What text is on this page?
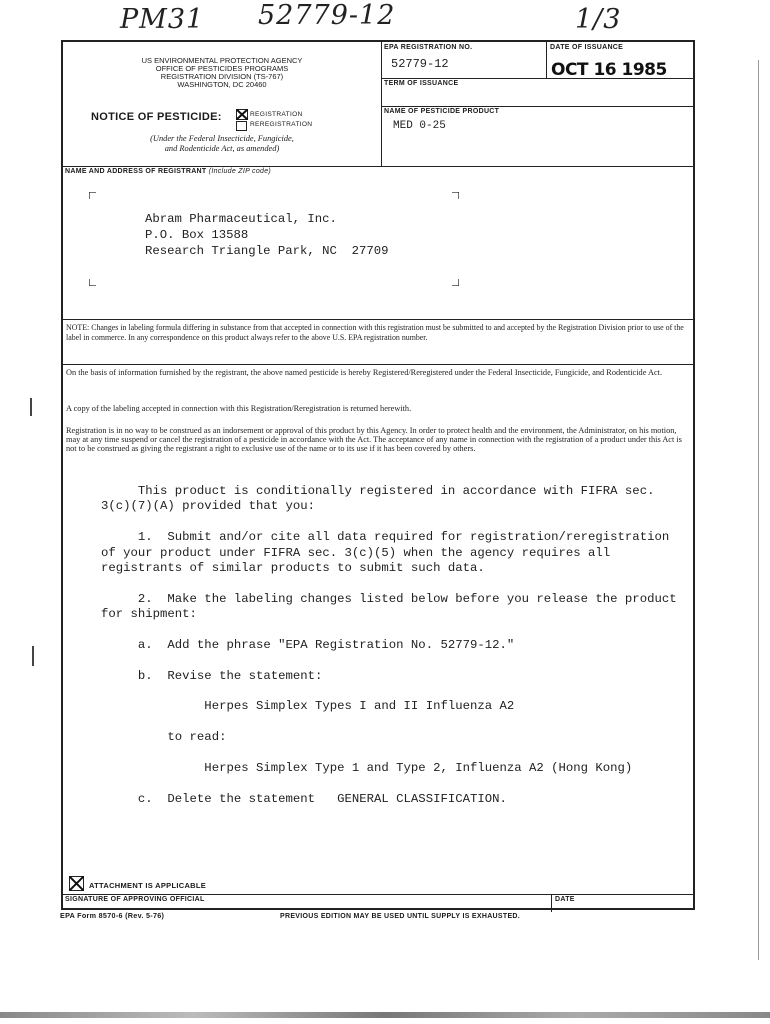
PM31 52779-12	1/3
US ENVIRONMENTAL PROTECTION AGENCY
OFFICE OF PESTICIDES PROGRAMS
REGISTRATION DIVISION (TS-767)
WASHINGTON, DC 20460
NOTICE OF PESTICIDE:	REGISTRATION
REREGISTRATION
(Under the Federal Insecticide, Fungicide,
and Rodenticide Act, as amended)
EPA REGISTRATION NO.
52779-12
DATE OF ISSUANCE
OCT 16 1985
TERM OF ISSUANCE
NAME OF PESTICIDE PRODUCT
MED 0-25
NAME AND ADDRESS OF REGISTRANT (Include ZIP code)
Abram Pharmaceutical, Inc.
P.O. Box 13588
Research Triangle Park, NC  27709
NOTE: Changes in labeling formula differing in substance from that accepted in connection with this registration must be submitted to and accepted by the Registration Division prior to use of the label in commerce. In any correspondence on this product always refer to the above U.S. EPA registration number.
On the basis of information furnished by the registrant, the above named pesticide is hereby Registered/Reregistered under the Federal Insecticide, Fungicide, and Rodenticide Act.
A copy of the labeling accepted in connection with this Registration/Reregistration is returned herewith.
Registration is in no way to be construed as an indorsement or approval of this product by this Agency. In order to protect health and the environment, the Administrator, on his motion, may at any time suspend or cancel the registration of a pesticide in accordance with the Act. The acceptance of any name in connection with the registration of a product under this Act is not to be construed as giving the registrant a right to exclusive use of the name or to its use if it has been covered by others.
This product is conditionally registered in accordance with FIFRA sec.
3(c)(7)(A) provided that you:
1.  Submit and/or cite all data required for registration/reregistration
of your product under FIFRA sec. 3(c)(5) when the agency requires all
registrants of similar products to submit such data.
2.  Make the labeling changes listed below before you release the product
for shipment:
a.  Add the phrase "EPA Registration No. 52779-12."
b.  Revise the statement:
Herpes Simplex Types I and II Influenza A2
to read:
Herpes Simplex Type 1 and Type 2, Influenza A2 (Hong Kong)
c.  Delete the statement   GENERAL CLASSIFICATION.
ATTACHMENT IS APPLICABLE
SIGNATURE OF APPROVING OFFICIAL	DATE
EPA Form 8570-6 (Rev. 5-76)	PREVIOUS EDITION MAY BE USED UNTIL SUPPLY IS EXHAUSTED.
